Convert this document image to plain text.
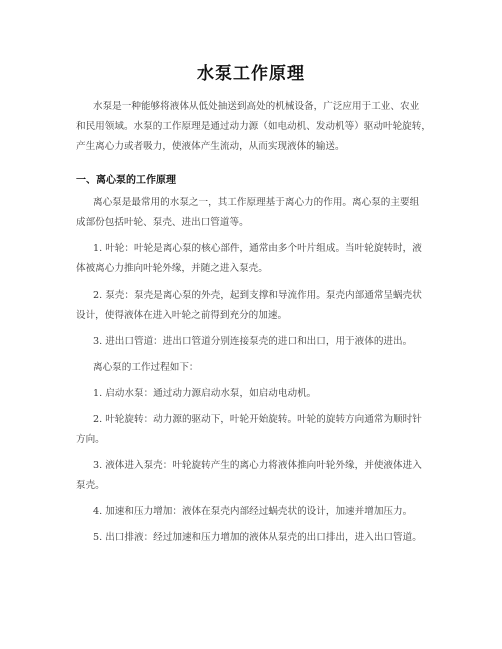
水泵工作原理
水泵是一种能够将液体从低处抽送到高处的机械设备，广泛应用于工业、农业
和民用领域。水泵的工作原理是通过动力源（如电动机、发动机等）驱动叶轮旋转，
产生离心力或者吸力，使液体产生流动，从而实现液体的输送。
一、离心泵的工作原理
离心泵是最常用的水泵之一，其工作原理基于离心力的作用。离心泵的主要组
成部份包括叶轮、泵壳、进出口管道等。
1. 叶轮：叶轮是离心泵的核心部件，通常由多个叶片组成。当叶轮旋转时，液
体被离心力推向叶轮外缘，并随之进入泵壳。
2. 泵壳：泵壳是离心泵的外壳，起到支撑和导流作用。泵壳内部通常呈蜗壳状
设计，使得液体在进入叶轮之前得到充分的加速。
3. 进出口管道：进出口管道分别连接泵壳的进口和出口，用于液体的进出。
离心泵的工作过程如下：
1. 启动水泵：通过动力源启动水泵，如启动电动机。
2. 叶轮旋转：动力源的驱动下，叶轮开始旋转。叶轮的旋转方向通常为顺时针
方向。
3. 液体进入泵壳：叶轮旋转产生的离心力将液体推向叶轮外缘，并使液体进入
泵壳。
4. 加速和压力增加：液体在泵壳内部经过蜗壳状的设计，加速并增加压力。
5. 出口排液：经过加速和压力增加的液体从泵壳的出口排出，进入出口管道。
